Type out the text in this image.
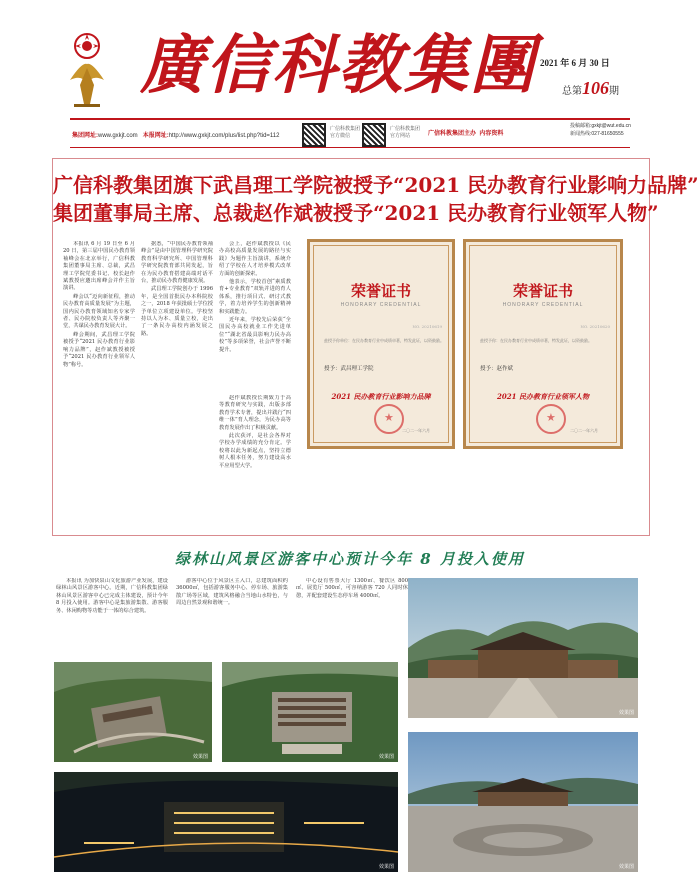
廣信科教集團 2021 年 6 月 30 日
总第106期
集团网址:www.gxkjt.com 本报网址:http://www.gxkjt.com/plus/list.php?tid=112
广信科教集团 官方微信
广信科教集团 官方网站	广信科教集团主办 内容资料
投稿邮箱:gxkjt@wut.edu.cn
新闻热线:027-81650555
广信科教集团旗下武昌理工学院被授予“2021 民办教育行业影响力品牌”
集团董事局主席、总裁赵作斌被授予“2021 民办教育行业领军人物”

本报讯 6 月 19 日至 6 月 20 日，第三届中国民办教育领袖峰会在北京举行，广信科教集团董事局主席、总裁，武昌理工学院党委书记、校长赵作斌教授应邀出席峰会并作主旨演讲。

峰会以“迈向新征程，推动民办教育高质量发展”为主题，国内民办教育领域知名专家学者、民办院校负责人等齐聚一堂，共谋民办教育发展大计。

峰会期间，武昌理工学院被授予“2021 民办教育行业影响力品牌”，赵作斌教授被授予“2021 民办教育行业领军人物”称号。

据悉，“中国民办教育领袖峰会”是由中国管理科学研究院教育科学研究所、中国管理科学研究院教育部共同发起，旨在为民办教育搭建高端对话平台，推动民办教育健康发展。

武昌理工学院创办于 1996 年，是全国首批民办本科院校之一，2018 年获批硕士学位授予单位立项建设单位。学校坚持以人为本、质量立校，走出了一条民办高校内涵发展之路。

会上，赵作斌教授以《民办高校高质量发展的路径与实践》为题作主旨演讲，系统介绍了学校在人才培养模式改革方面的创新探索。

他表示，学校首创“素质教育+专业教育”双轨并进的育人体系，推行项目式、研讨式教学，着力培养学生的创新精神和实践能力。

近年来，学校先后荣获“全国民办高校就业工作先进单位”“湖北省最具影响力民办高校”等多项荣誉，社会声誉不断提升。

赵作斌教授长期致力于高等教育研究与实践，出版多部教育学术专著，提出并践行“四维一体”育人理念，为民办高等教育发展作出了积极贡献。

此次获评，是社会各界对学校办学成绩的充分肯定。学校将以此为新起点，坚持立德树人根本任务，努力建设高水平应用型大学。

荣誉证书
HONORARY CREDENTIAL
NO. 20210619
兹授予你单位：在民办教育行业中成绩卓著，特发此证，以资鼓励。
授予：武昌理工学院
2021 民办教育行业影响力品牌
★
二〇二一年六月
荣誉证书
HONORARY CREDENTIAL
NO. 20210620
兹授予你：在民办教育行业中成绩卓著，特发此证，以资鼓励。
授予：赵作斌
2021 民办教育行业领军人物
★
二〇二一年六月
绿林山风景区游客中心预计今年 8 月投入使用

本报讯 为加快泉山文化旅游产业发展，建设绿林山风景区游客中心。近期，广信科教集团绿林山风景区游客中心已完成主体建设，预计今年 8 月投入使用。游客中心是集旅游集散、游客服务、休闲购物等功能于一体的综合建筑。

游客中心位于风景区主入口，总建筑面积约 36000㎡，包括游客服务中心、停车场、旅游集散广场等区域，建筑风格融合当地山水特色，与周边自然景观和谐统一。

中心设有售票大厅 1300㎡、餐饮区 800㎡、展览厅 500㎡，可容纳游客 720 人同时休憩，并配套建设生态停车场 4000㎡。

效果图
效果图	效果图
效果图	效果图
